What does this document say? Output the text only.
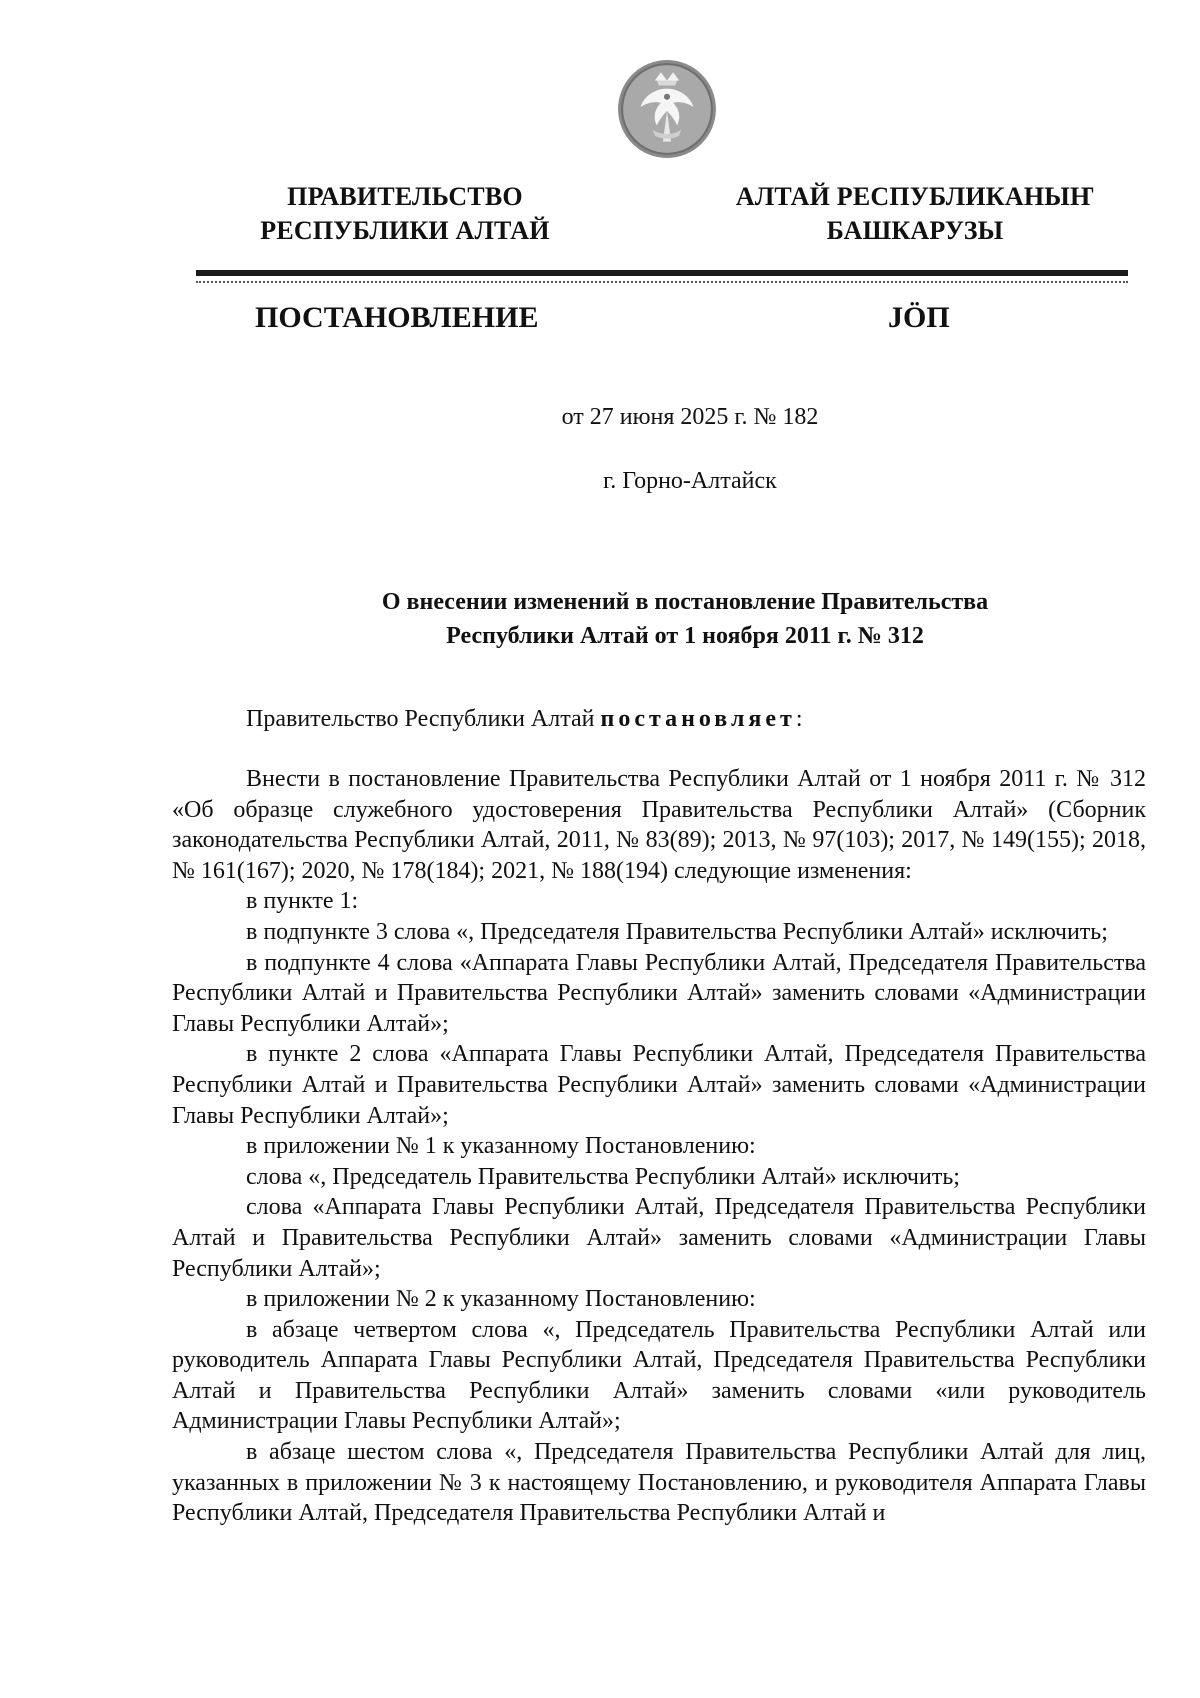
ПРАВИТЕЛЬСТВО
РЕСПУБЛИКИ АЛТАЙ
АЛТАЙ РЕСПУБЛИКАНЫҤ
БАШКАРУЗЫ
ПОСТАНОВЛЕНИЕ	JӦП
от 27 июня 2025 г. № 182
г. Горно-Алтайск
О внесении изменений в постановление Правительства
Республики Алтай от 1 ноября 2011 г. № 312

Правительство Республики Алтай постановляет:

Внести в постановление Правительства Республики Алтай от 1 ноября 2011 г. № 312 «Об образце служебного удостоверения Правительства Республики Алтай» (Сборник законодательства Республики Алтай, 2011, № 83(89); 2013, № 97(103); 2017, № 149(155); 2018, № 161(167); 2020, № 178(184); 2021, № 188(194) следующие изменения:

в пункте 1:

в подпункте 3 слова «, Председателя Правительства Республики Алтай» исключить;

в подпункте 4 слова «Аппарата Главы Республики Алтай, Председателя Правительства Республики Алтай и Правительства Республики Алтай» заменить словами «Администрации Главы Республики Алтай»;

в пункте 2 слова «Аппарата Главы Республики Алтай, Председателя Правительства Республики Алтай и Правительства Республики Алтай» заменить словами «Администрации Главы Республики Алтай»;

в приложении № 1 к указанному Постановлению:

слова «, Председатель Правительства Республики Алтай» исключить;

слова «Аппарата Главы Республики Алтай, Председателя Правительства Республики Алтай и Правительства Республики Алтай» заменить словами «Администрации Главы Республики Алтай»;

в приложении № 2 к указанному Постановлению:

в абзаце четвертом слова «, Председатель Правительства Республики Алтай или руководитель Аппарата Главы Республики Алтай, Председателя Правительства Республики Алтай и Правительства Республики Алтай» заменить словами «или руководитель Администрации Главы Республики Алтай»;

в абзаце шестом слова «, Председателя Правительства Республики Алтай для лиц, указанных в приложении № 3 к настоящему Постановлению, и руководителя Аппарата Главы Республики Алтай, Председателя Правительства Республики Алтай и
